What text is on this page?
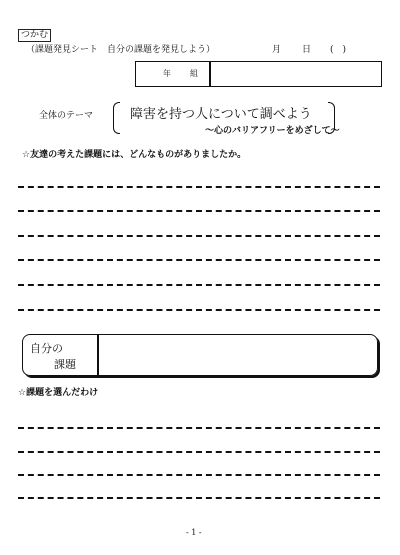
つかむ
（課題発見シート　自分の課題を発見しよう）	月 日 (　)
年 組
全体のテーマ	障害を持つ人について調べよう
～心のバリアフリーをめざして～
☆友達の考えた課題には、どんなものがありましたか。
自分の
課題
☆課題を選んだわけ
- 1 -
